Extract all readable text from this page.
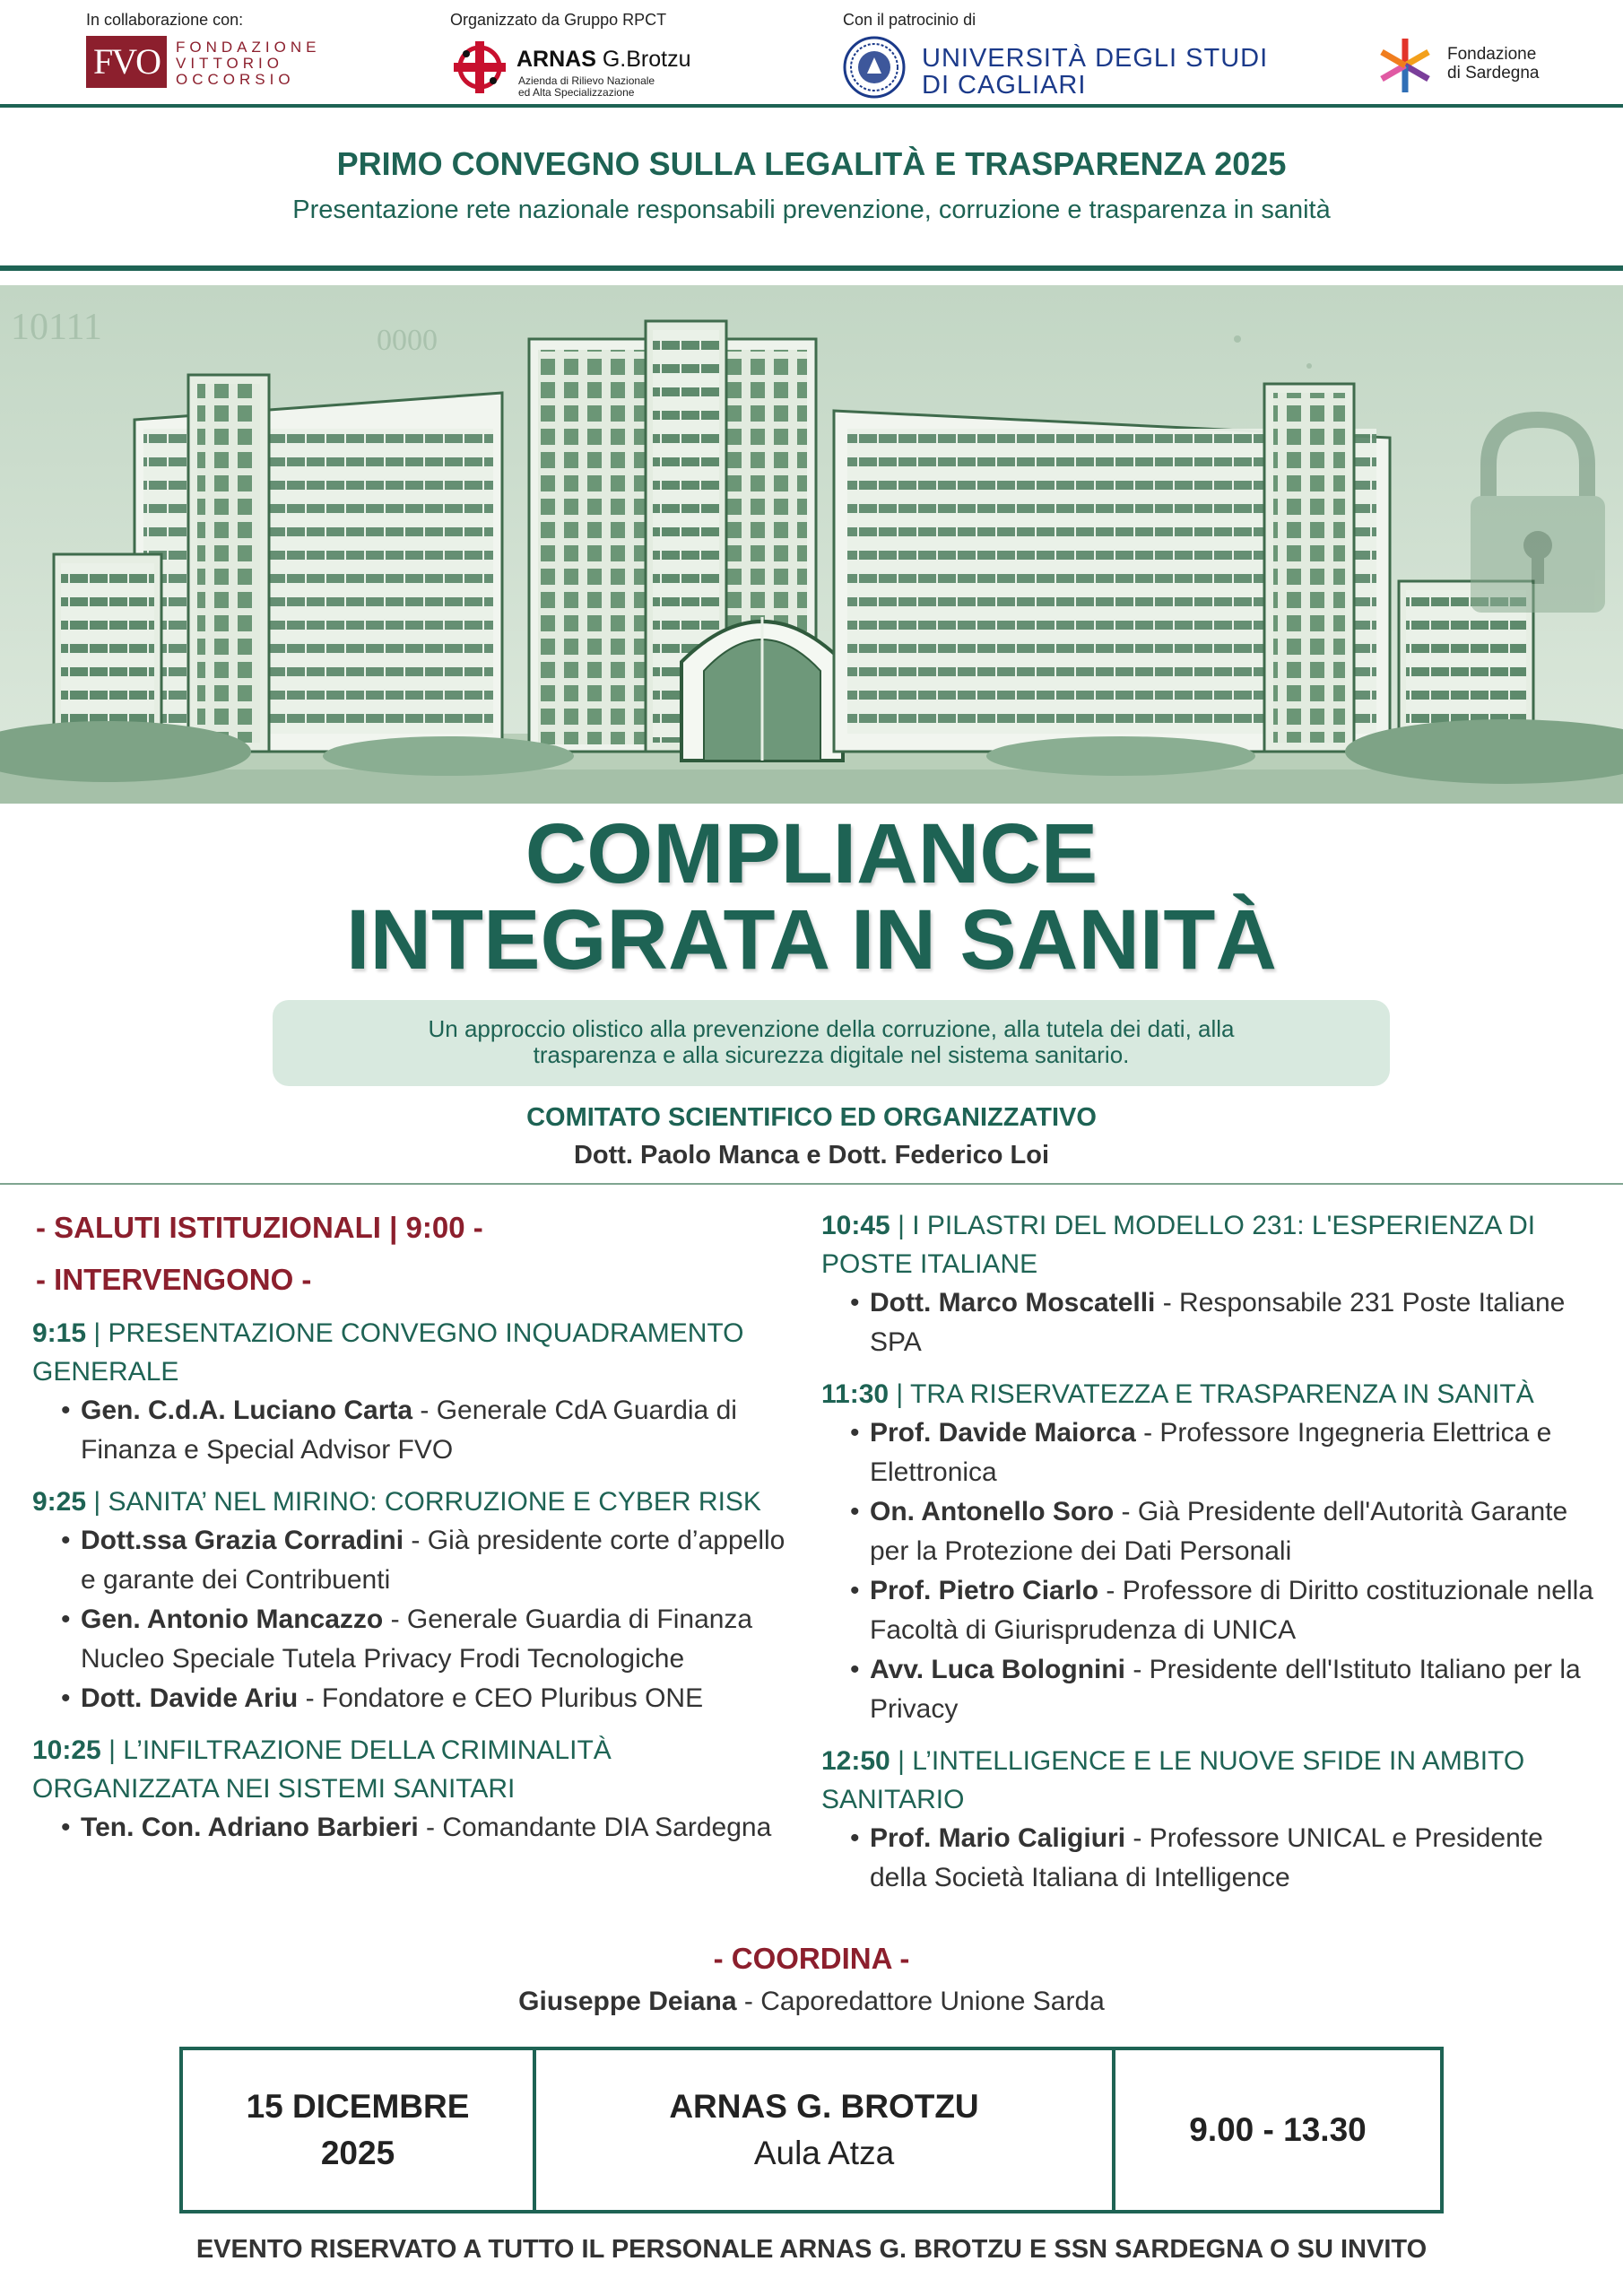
In collaborazione con:
FVO	FONDAZIONE
VITTORIO
OCCORSIO
Organizzato da Gruppo RPCT
ARNAS G.Brotzu
Azienda di Rilievo Nazionale
ed Alta Specializzazione
Con il patrocinio di
UNIVERSITÀ DEGLI STUDI
DI CAGLIARI
Fondazione
di Sardegna
PRIMO CONVEGNO SULLA LEGALITÀ E TRASPARENZA 2025
Presentazione rete nazionale responsabili prevenzione, corruzione e trasparenza in sanità
10111	0000
COMPLIANCE
INTEGRATA IN SANITÀ
Un approccio olistico alla prevenzione della corruzione, alla tutela dei dati, alla
trasparenza e alla sicurezza digitale nel sistema sanitario.
COMITATO SCIENTIFICO ED ORGANIZZATIVO
Dott. Paolo Manca e Dott. Federico Loi
- SALUTI ISTITUZIONALI | 9:00 -
- INTERVENGONO -
9:15 | PRESENTAZIONE CONVEGNO INQUADRAMENTO GENERALE
• Gen. C.d.A. Luciano Carta - Generale CdA Guardia di Finanza e Special Advisor FVO
9:25 | SANITA’ NEL MIRINO: CORRUZIONE E CYBER RISK
• Dott.ssa Grazia Corradini - Già presidente corte d’appello e garante dei Contribuenti
• Gen. Antonio Mancazzo - Generale Guardia di Finanza Nucleo Speciale Tutela Privacy Frodi Tecnologiche
• Dott. Davide Ariu - Fondatore e CEO Pluribus ONE
10:25 | L’INFILTRAZIONE DELLA CRIMINALITÀ ORGANIZZATA NEI SISTEMI SANITARI
• Ten. Con. Adriano Barbieri - Comandante DIA Sardegna
10:45 | I PILASTRI DEL MODELLO 231: L'ESPERIENZA DI POSTE ITALIANE
• Dott. Marco Moscatelli - Responsabile 231 Poste Italiane SPA
11:30 | TRA RISERVATEZZA E TRASPARENZA IN SANITÀ
• Prof. Davide Maiorca - Professore Ingegneria Elettrica e Elettronica
• On. Antonello Soro - Già Presidente dell'Autorità Garante per la Protezione dei Dati Personali
• Prof. Pietro Ciarlo - Professore di Diritto costituzionale nella Facoltà di Giurisprudenza di UNICA
• Avv. Luca Bolognini - Presidente dell'Istituto Italiano per la Privacy
12:50 | L’INTELLIGENCE E LE NUOVE SFIDE IN AMBITO SANITARIO
• Prof. Mario Caligiuri - Professore UNICAL e Presidente della Società Italiana di Intelligence
- COORDINA -
Giuseppe Deiana - Caporedattore Unione Sarda
15 DICEMBRE
2025
ARNAS G. BROTZU
Aula Atza
9.00 - 13.30
EVENTO RISERVATO A TUTTO IL PERSONALE ARNAS G. BROTZU E SSN SARDEGNA O SU INVITO
